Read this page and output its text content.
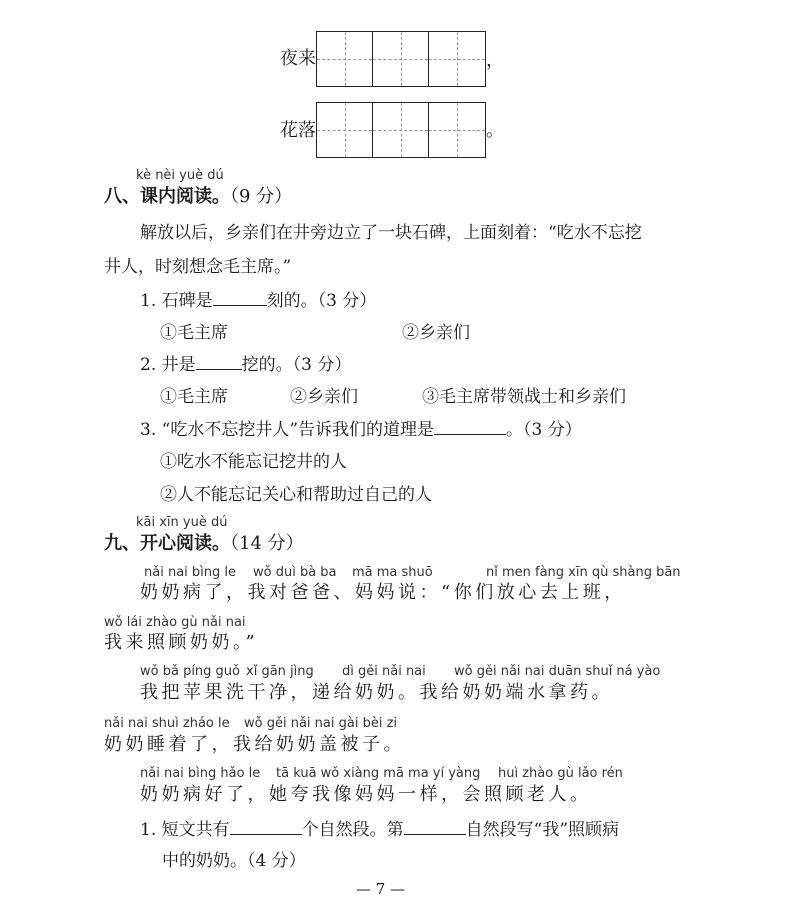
夜来	，
花落	。
kè nèi yuè dú
八、课内阅读。（9 分）
解放以后，乡亲们在井旁边立了一块石碑，上面刻着：“吃水不忘挖
井人，时刻想念毛主席。”
1. 石碑是	刻的。（3 分）
①毛主席	②乡亲们
2. 井是	挖的。（3 分）
①毛主席	②乡亲们	③毛主席带领战士和乡亲们
3. “吃水不忘挖井人”告诉我们的道理是	。（3 分）
①吃水不能忘记挖井的人
②人不能忘记关心和帮助过自己的人
kāi xīn yuè dú
九、开心阅读。（14 分）
nǎi nai bìng le wǒ duì bà ba mā ma shuō	nǐ men fàng xīn qù shàng bān
奶奶病了，我对爸爸、妈妈说：“你们放心去上班，
wǒ lái zhào gù nǎi nai
我来照顾奶奶。”
wǒ bǎ píng guǒ xǐ gān jìng dì gěi nǎi nai wǒ gěi nǎi nai duān shuǐ ná yào
我把苹果洗干净，递给奶奶。我给奶奶端水拿药。
nǎi nai shuì zháo le wǒ gěi nǎi nai gài bèi zi
奶奶睡着了，我给奶奶盖被子。
nǎi nai bìng hǎo le tā kuā wǒ xiàng mā ma yí yàng huì zhào gù lǎo rén
奶奶病好了，她夸我像妈妈一样，会照顾老人。
1. 短文共有	个自然段。第	自然段写“我”照顾病
中的奶奶。（4 分）
— 7 —
